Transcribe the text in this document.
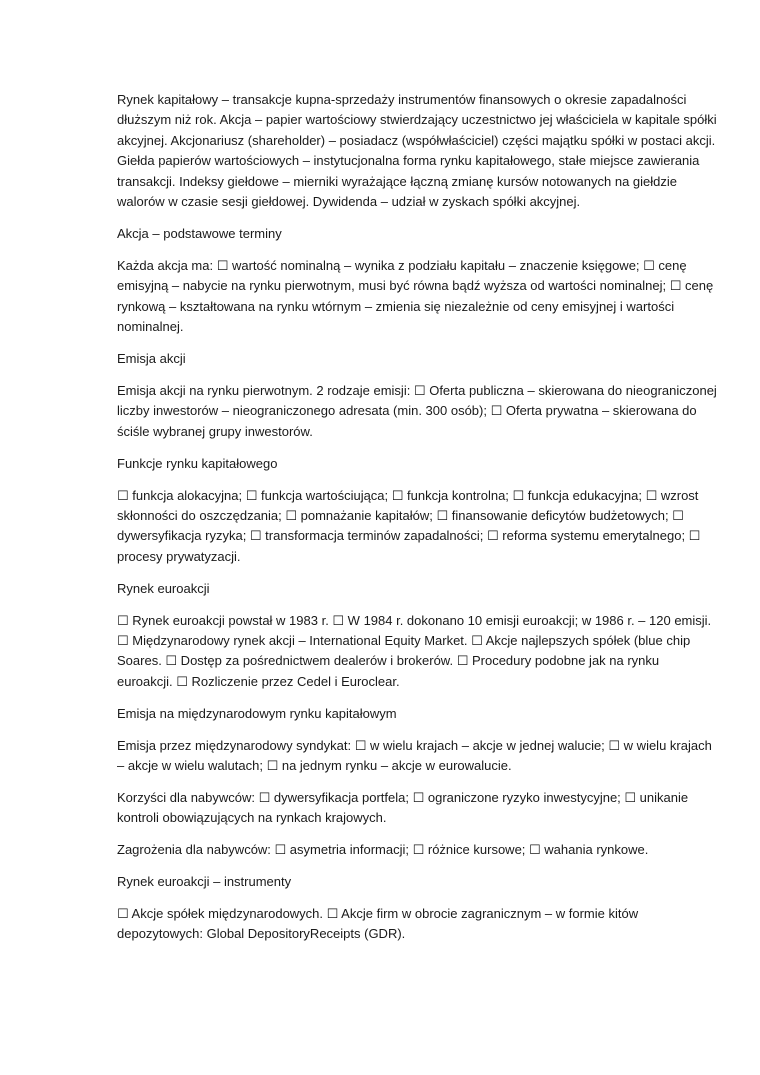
Rynek kapitałowy – transakcje kupna-sprzedaży instrumentów finansowych o okresie zapadalności dłuższym niż rok. Akcja – papier wartościowy stwierdzający uczestnictwo jej właściciela w kapitale spółki akcyjnej. Akcjonariusz (shareholder) – posiadacz (współwłaściciel) części majątku spółki w postaci akcji. Giełda papierów wartościowych – instytucjonalna forma rynku kapitałowego, stałe miejsce zawierania transakcji. Indeksy giełdowe – mierniki wyrażające łączną zmianę kursów notowanych na giełdzie walorów w czasie sesji giełdowej. Dywidenda – udział w zyskach spółki akcyjnej.

Akcja – podstawowe terminy

Każda akcja ma: ☐ wartość nominalną – wynika z podziału kapitału – znaczenie księgowe; ☐ cenę emisyjną – nabycie na rynku pierwotnym, musi być równa bądź wyższa od wartości nominalnej; ☐ cenę rynkową – kształtowana na rynku wtórnym – zmienia się niezależnie od ceny emisyjnej i wartości nominalnej.

Emisja akcji

Emisja akcji na rynku pierwotnym. 2 rodzaje emisji: ☐ Oferta publiczna – skierowana do nieograniczonej liczby inwestorów – nieograniczonego adresata (min. 300 osób); ☐ Oferta prywatna – skierowana do ściśle wybranej grupy inwestorów.

Funkcje rynku kapitałowego

☐ funkcja alokacyjna; ☐ funkcja wartościująca; ☐ funkcja kontrolna; ☐ funkcja edukacyjna; ☐ wzrost skłonności do oszczędzania; ☐ pomnażanie kapitałów; ☐ finansowanie deficytów budżetowych; ☐ dywersyfikacja ryzyka; ☐ transformacja terminów zapadalności; ☐ reforma systemu emerytalnego; ☐ procesy prywatyzacji.

Rynek euroakcji

☐ Rynek euroakcji powstał w 1983 r. ☐ W 1984 r. dokonano 10 emisji euroakcji; w 1986 r. – 120 emisji. ☐ Międzynarodowy rynek akcji – International Equity Market. ☐ Akcje najlepszych spółek (blue chip Soares. ☐ Dostęp za pośrednictwem dealerów i brokerów. ☐ Procedury podobne jak na rynku euroakcji. ☐ Rozliczenie przez Cedel i Euroclear.

Emisja na międzynarodowym rynku kapitałowym

Emisja przez międzynarodowy syndykat: ☐ w wielu krajach – akcje w jednej walucie; ☐ w wielu krajach – akcje w wielu walutach; ☐ na jednym rynku – akcje w eurowalucie.

Korzyści dla nabywców: ☐ dywersyfikacja portfela; ☐ ograniczone ryzyko inwestycyjne; ☐ unikanie kontroli obowiązujących na rynkach krajowych.

Zagrożenia dla nabywców: ☐ asymetria informacji; ☐ różnice kursowe; ☐ wahania rynkowe.

Rynek euroakcji – instrumenty

☐ Akcje spółek międzynarodowych. ☐ Akcje firm w obrocie zagranicznym – w formie kitów depozytowych: Global DepositoryReceipts (GDR).
